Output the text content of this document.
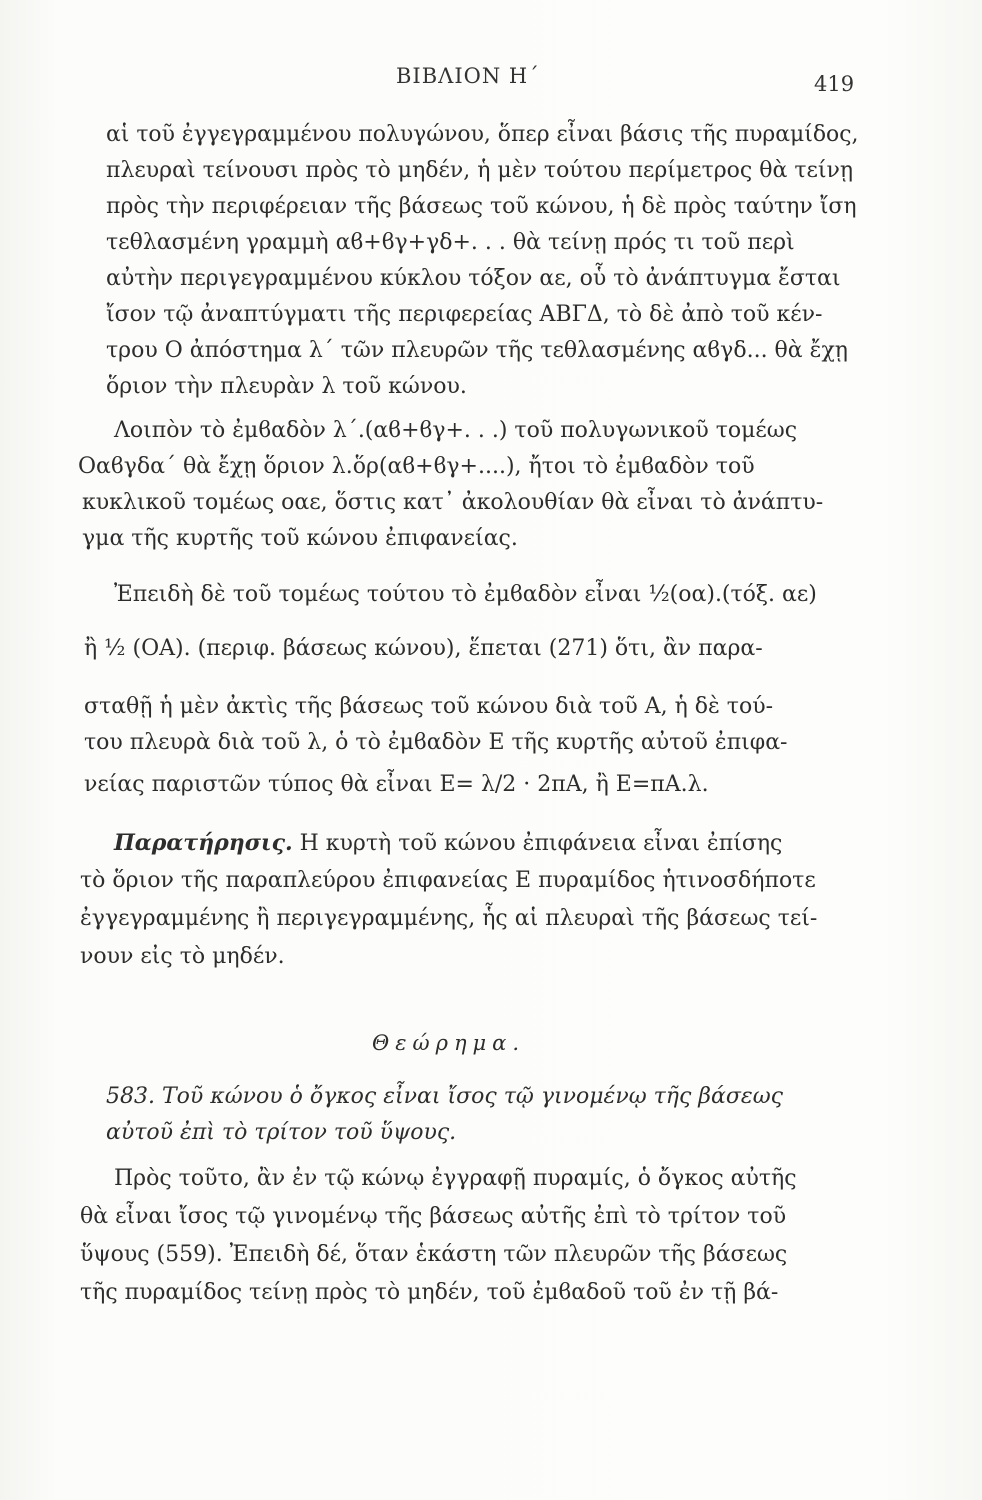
ΒΙΒΛΙΟΝ Η΄	419
αἱ τοῦ ἐγγεγραμμένου πολυγώνου, ὅπερ εἶναι βάσις τῆς πυραμίδος,
πλευραὶ τείνουσι πρὸς τὸ μηδέν, ἡ μὲν τούτου περίμετρος θὰ τείνῃ
πρὸς τὴν περιφέρειαν τῆς βάσεως τοῦ κώνου, ἡ δὲ πρὸς ταύτην ἴση
τεθλασμένη γραμμὴ αϐ+ϐγ+γδ+. . . θὰ τείνῃ πρός τι τοῦ περὶ
αὐτὴν περιγεγραμμένου κύκλου τόξον αε, οὗ τὸ ἀνάπτυγμα ἔσται
ἴσον τῷ ἀναπτύγματι τῆς περιφερείας ΑΒΓΔ, τὸ δὲ ἀπὸ τοῦ κέν-
τρου Ο ἀπόστημα λ΄ τῶν πλευρῶν τῆς τεθλασμένης αϐγδ... θὰ ἔχῃ
ὅριον τὴν πλευρὰν λ τοῦ κώνου.
Λοιπὸν τὸ ἐμϐαδὸν λ΄.(αϐ+ϐγ+. . .) τοῦ πολυγωνικοῦ τομέως
Οαϐγδα΄ θὰ ἔχῃ ὅριον λ.ὅρ(αϐ+ϐγ+....), ἤτοι τὸ ἐμϐαδὸν τοῦ
κυκλικοῦ τομέως οαε, ὅστις κατ᾽ ἀκολουθίαν θὰ εἶναι τὸ ἀνάπτυ-
γμα τῆς κυρτῆς τοῦ κώνου ἐπιφανείας.
Ἐπειδὴ δὲ τοῦ τομέως τούτου τὸ ἐμϐαδὸν εἶναι ½(οα).(τόξ. αε)
ἢ ½ (ΟΑ). (περιφ. βάσεως κώνου), ἕπεται (271) ὅτι, ἂν παρα-
σταθῇ ἡ μὲν ἀκτὶς τῆς βάσεως τοῦ κώνου διὰ τοῦ Α, ἡ δὲ τού-
του πλευρὰ διὰ τοῦ λ, ὁ τὸ ἐμϐαδὸν Ε τῆς κυρτῆς αὐτοῦ ἐπιφα-
νείας παριστῶν τύπος θὰ εἶναι Ε= λ/2 · 2πΑ, ἢ Ε=πΑ.λ.
Παρατήρησις. Η κυρτὴ τοῦ κώνου ἐπιφάνεια εἶναι ἐπίσης
τὸ ὅριον τῆς παραπλεύρου ἐπιφανείας Ε πυραμίδος ἡτινοσδήποτε
ἐγγεγραμμένης ἢ περιγεγραμμένης, ἧς αἱ πλευραὶ τῆς βάσεως τεί-
νουν εἰς τὸ μηδέν.
Θεώρημα.
583. Τοῦ κώνου ὁ ὄγκος εἶναι ἴσος τῷ γινομένῳ τῆς βάσεως
αὐτοῦ ἐπὶ τὸ τρίτον τοῦ ὕψους.
Πρὸς τοῦτο, ἂν ἐν τῷ κώνῳ ἐγγραφῇ πυραμίς, ὁ ὄγκος αὐτῆς
θὰ εἶναι ἴσος τῷ γινομένῳ τῆς βάσεως αὐτῆς ἐπὶ τὸ τρίτον τοῦ
ὕψους (559). Ἐπειδὴ δέ, ὅταν ἑκάστη τῶν πλευρῶν τῆς βάσεως
τῆς πυραμίδος τείνῃ πρὸς τὸ μηδέν, τοῦ ἐμϐαδοῦ τοῦ ἐν τῇ βά-
